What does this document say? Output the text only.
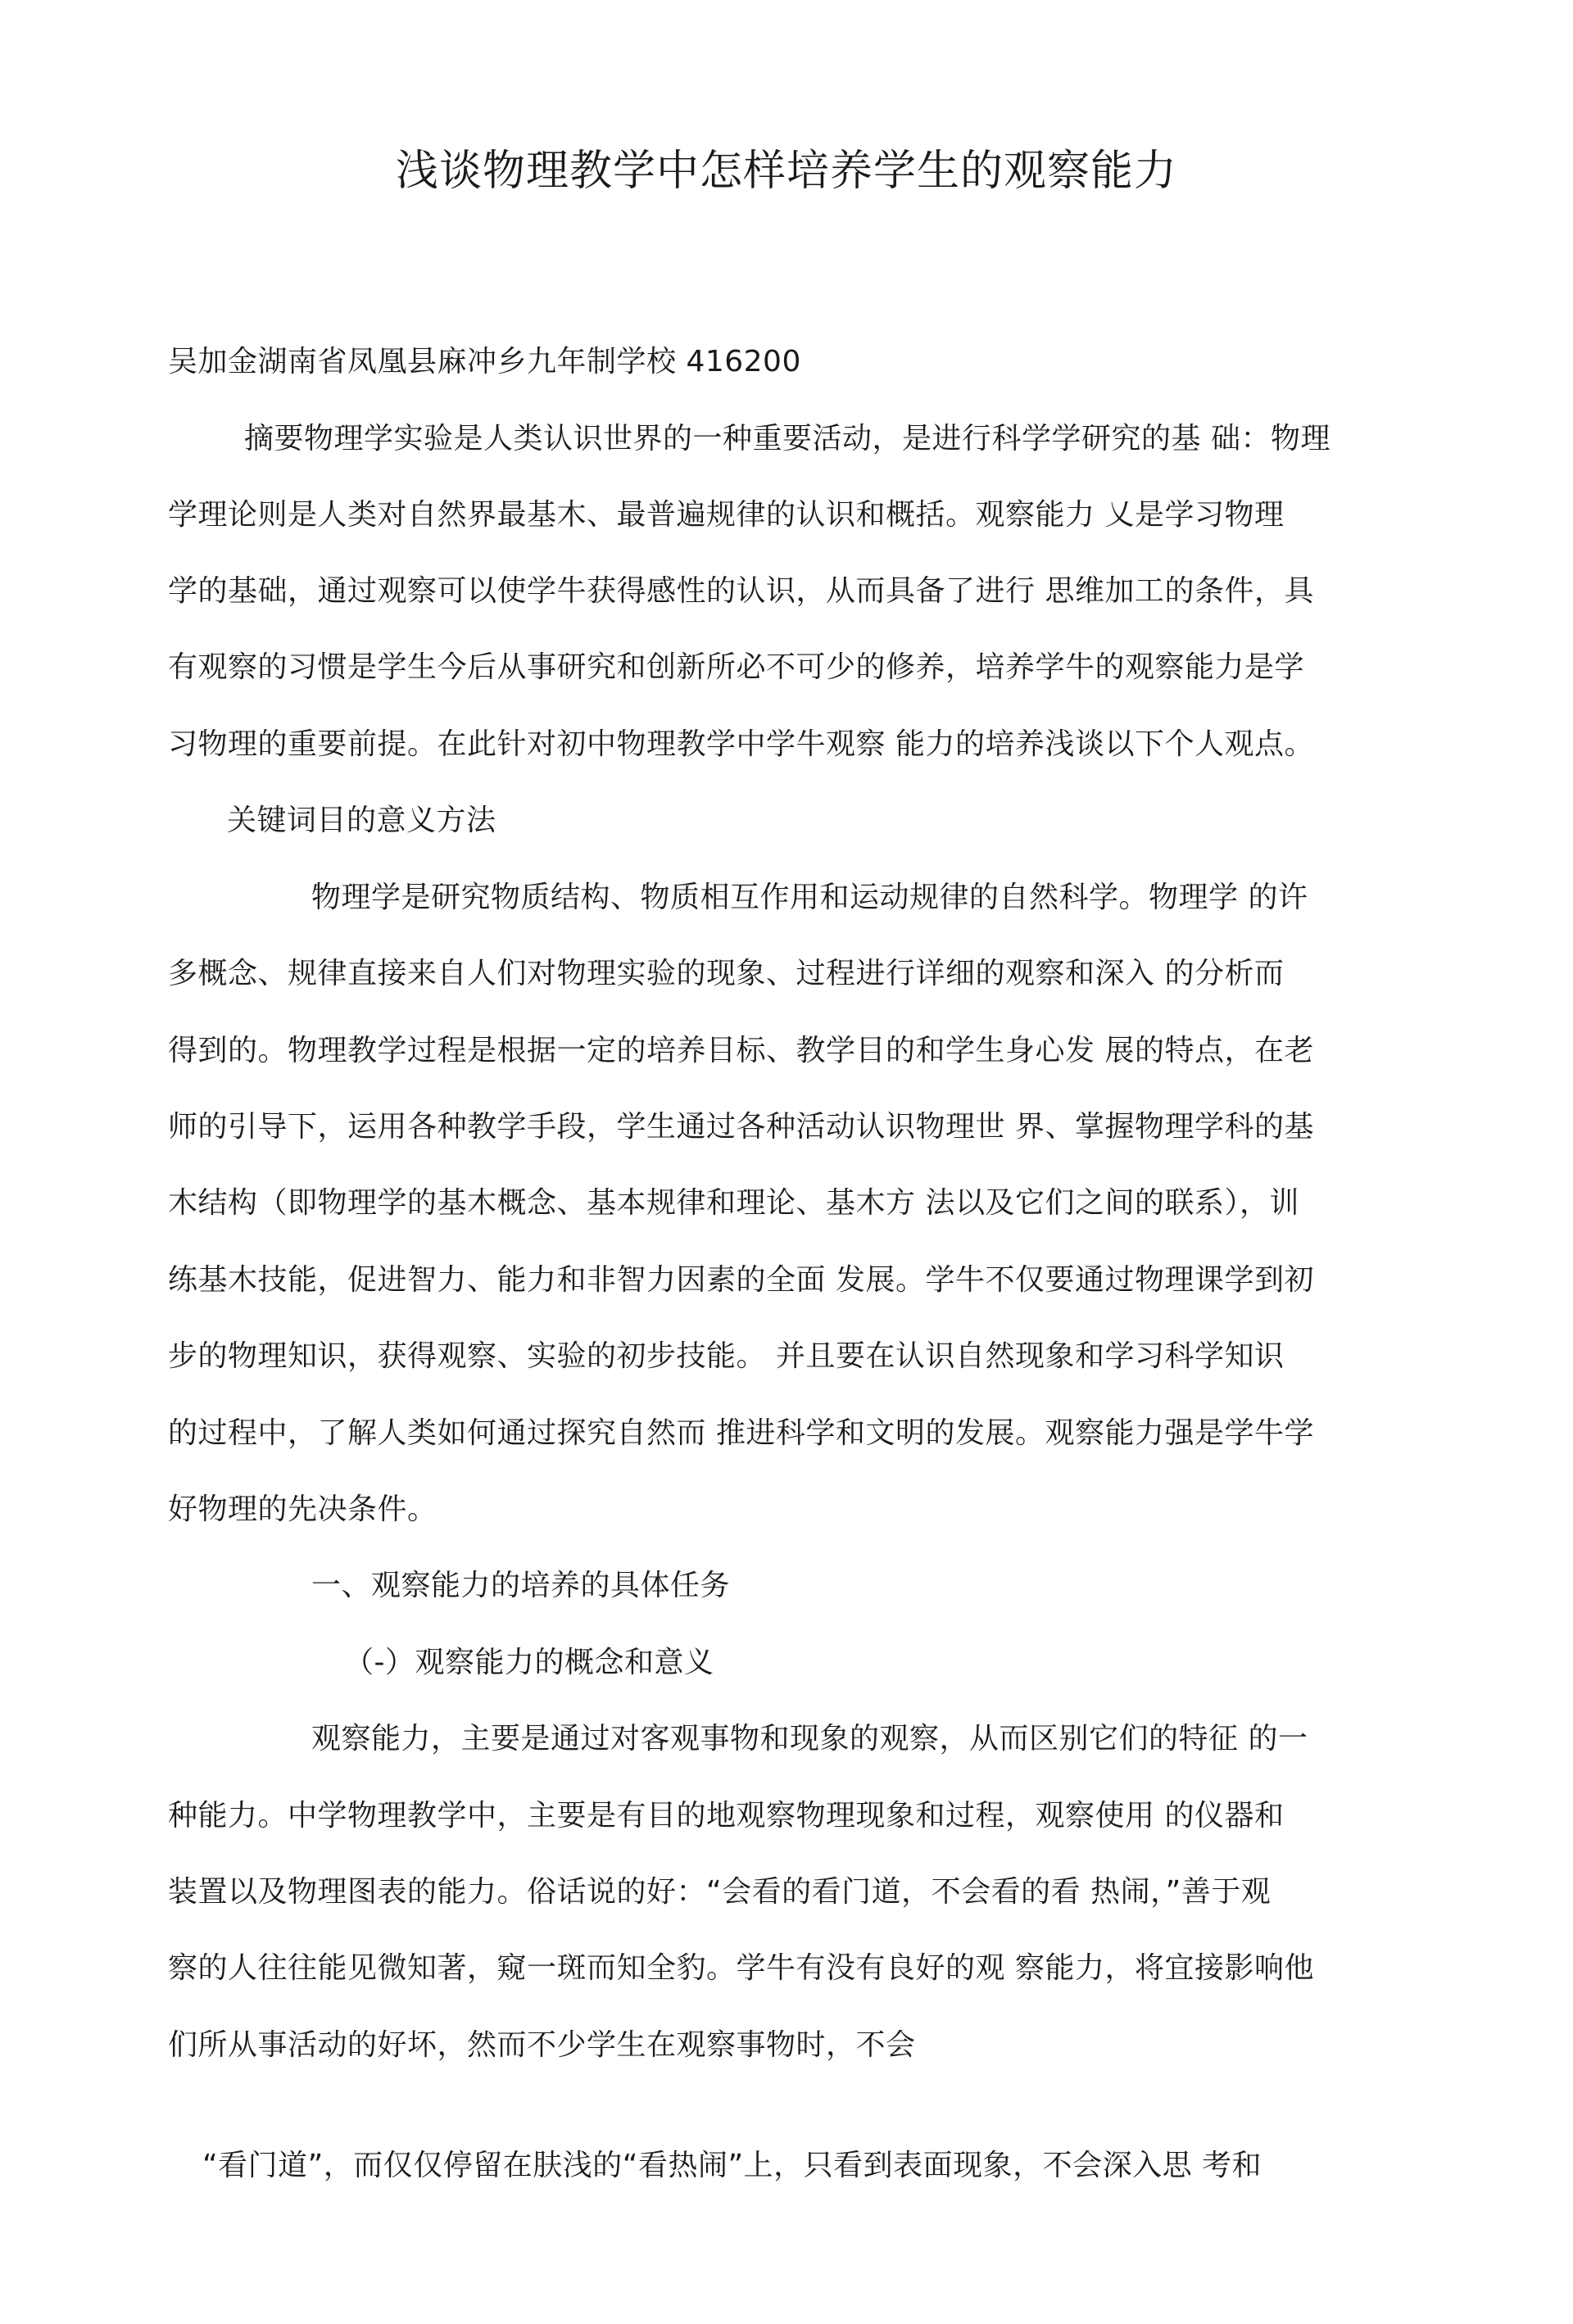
浅谈物理教学中怎样培养学生的观察能力

吴加金湖南省凤凰县麻冲乡九年制学校 416200

摘要物理学实验是人类认识世界的一种重要活动，是进行科学学研究的基 础：物理

学理论则是人类对自然界最基木、最普遍规律的认识和概括。观察能力 乂是学习物理

学的基础，通过观察可以使学牛获得感性的认识，从而具备了进行 思维加工的条件，具

有观察的习惯是学生今后从事研究和创新所必不可少的修养，培养学牛的观察能力是学

习物理的重要前提。在此针对初中物理教学中学牛观察 能力的培养浅谈以下个人观点。

关键词目的意义方法

物理学是研究物质结构、物质相互作用和运动规律的自然科学。物理学 的许

多概念、规律直接来自人们对物理实验的现象、过程进行详细的观察和深入 的分析而

得到的。物理教学过程是根据一定的培养目标、教学目的和学生身心发 展的特点，在老

师的引导下，运用各种教学手段，学生通过各种活动认识物理世 界、掌握物理学科的基

木结构（即物理学的基木概念、基本规律和理论、基木方 法以及它们之间的联系），训

练基木技能，促进智力、能力和非智力因素的全面 发展。学牛不仅要通过物理课学到初

步的物理知识，获得观察、实验的初步技能。 并且要在认识自然现象和学习科学知识

的过程中，了解人类如何通过探究自然而 推进科学和文明的发展。观察能力强是学牛学

好物理的先决条件。

一、观察能力的培养的具体任务

（-）观察能力的概念和意义

观察能力，主要是通过对客观事物和现象的观察，从而区别它们的特征 的一

种能力。中学物理教学中，主要是有目的地观察物理现象和过程，观察使用 的仪器和

装置以及物理图表的能力。俗话说的好：“会看的看门道，不会看的看 热闹，”善于观

察的人往往能见微知著，窥一斑而知全豹。学牛有没有良好的观 察能力，将宜接影响他

们所从事活动的好坏，然而不少学生在观察事物时，不会

“看门道”，而仅仅停留在肤浅的“看热闹”上，只看到表面现象，不会深入思 考和
